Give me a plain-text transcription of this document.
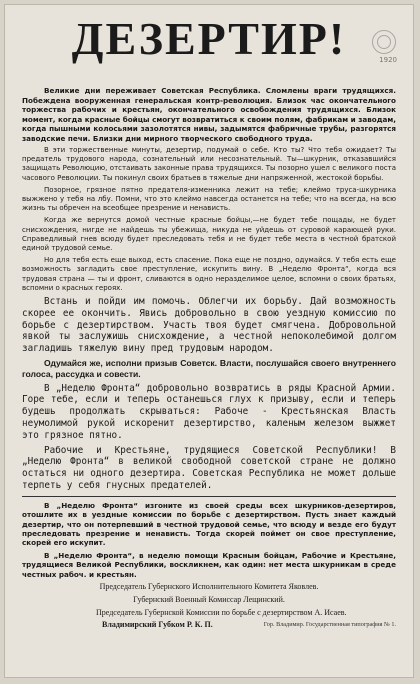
ДЕЗЕРТИР!	1920

Великие дни переживает Советская Республика. Сломлены враги трудящихся. Побеждена вооруженная генеральская контр-революция. Близок час окончательного торжества рабочих и крестьян, окончательного освобождения трудящихся. Близок момент, когда красные бойцы смогут возвратиться к своим полям, фабрикам и заводам, когда пышными колосьями зазолотятся нивы, задымятся фабричные трубы, разгорятся заводские печи. Близки дни мирного творческого свободного труда.

В эти торжественные минуты, дезертир, подумай о себе. Кто ты? Что тебя ожидает? Ты предатель трудового народа, сознательный или несознательный. Ты—шкурник, отказавшийся защищать Революцию, отстаивать законные права трудящихся. Ты позорно ушел с великого поста часового Революции. Ты покинул своих братьев в тяжелые дни напряженной, жестокой борьбы.

Позорное, грязное пятно предателя-изменника лежит на тебе; клеймо труса-шкурника выжжено у тебя на лбу. Помни, что это клеймо навсегда останется на тебе; что на всегда, на всю жизнь ты обречен на всеобщее презрение и ненависть.

Когда же вернутся домой честные красные бойцы,—не будет тебе пощады, не будет снисхождения, нигде не найдешь ты убежища, никуда не уйдешь от суровой карающей руки. Справедливый гнев всюду будет преследовать тебя и не будет тебе места в честной братской единой трудовой семье.

Но для тебя есть еще выход, есть спасение. Пока еще не поздно, одумайся. У тебя есть еще возможность загладить свое преступление, искупить вину. В „Неделю Фронта“, когда вся трудовая страна — ты и фронт, сливаются в одно неразделимое целое, вспомни о своих братьях, вспомни о красных героях.

Встань и пойди им помочь. Облегчи их борьбу. Дай возможность скорее ее окончить. Явись добровольно в свою уездную комиссию по борьбе с дезертирством. Участь твоя будет смягчена. Добровольной явкой ты заслужишь снисхождение, а честной непоколебимой долгом загладишь тяжелую вину пред трудовым народом.

Одумайся же, исполни призыв Советск. Власти, послушайся своего внутреннего голоса, рассудка и совести.

В „Неделю Фронта“ добровольно возвратись в ряды Красной Армии. Горе тебе, если и теперь останешься глух к призыву, если и теперь будешь продолжать скрываться: Рабоче - Крестьянская Власть неумолимой рукой искоренит дезертирство, каленым железом выжжет это грязное пятно.

Рабочие и Крестьяне, трудящиеся Советской Республики! В „Неделю Фронта“ в великой свободной советской стране не должно остаться ни одного дезертира. Советская Республика не может дольше терпеть у себя гнусных предателей.

В „Неделю Фронта“ изгоните из своей среды всех шкурников-дезертиров, отошлите их в уездные комиссии по борьбе с дезертирством. Пусть знает каждый дезертир, что он потерпевший в честной трудовой семье, что всюду и везде его будут преследовать презрение и ненависть. Тогда скорей поймет он свое преступление, скорей его искупит.

В „Неделю Фронта“, в неделю помощи Красным бойцам, Рабочие и Крестьяне, трудящиеся Великой Республики, воскликнем, как один: нет места шкурникам в среде честных рабоч. и крестьян.

Председатель Губернского Исполнительного Комитета Яковлев.
Губернский Военный Комиссар Лещинский.
Председатель Губернской Комиссии по борьбе с дезертирством А. Исаев.
Владимирский Губком Р. К. П.	Гор. Владимир. Государственная типография № 1.
